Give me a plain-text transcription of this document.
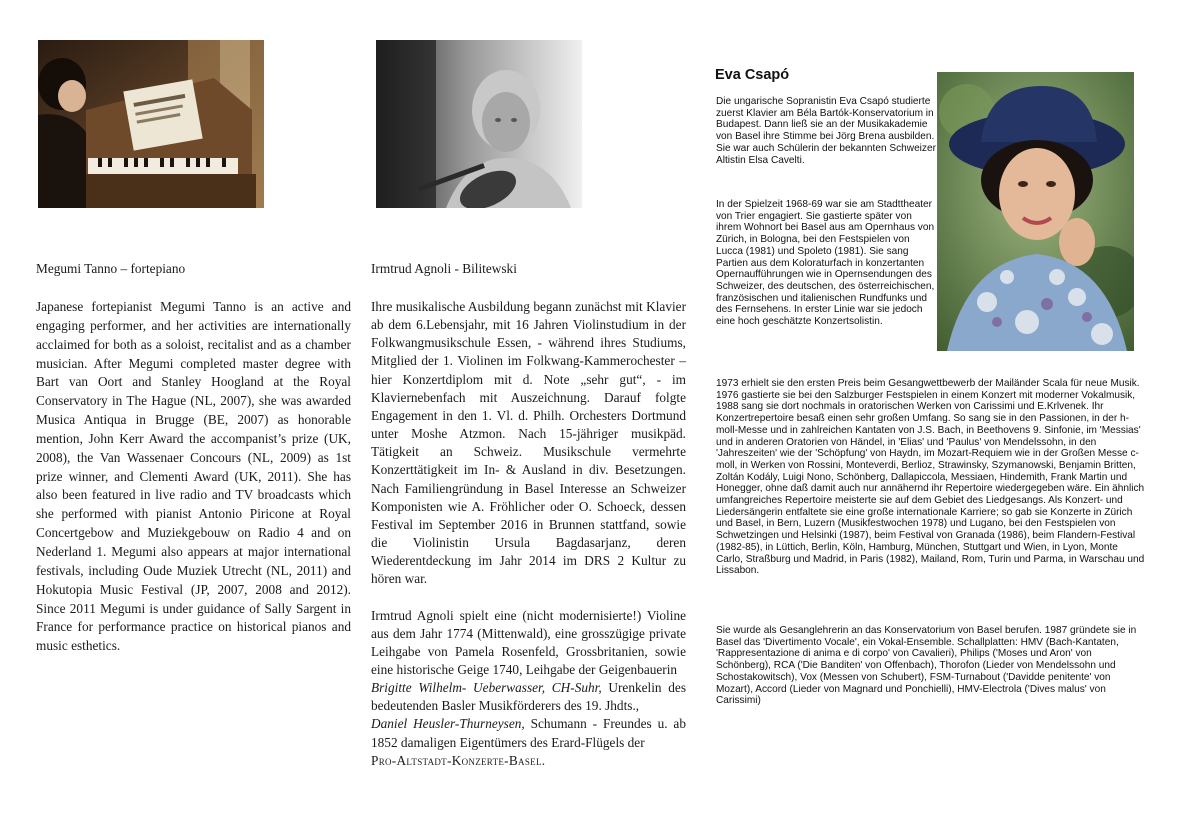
Megumi Tanno – fortepiano

Japanese fortepianist Megumi Tanno is an active and engaging performer, and her activities are internationally acclaimed for both as a soloist, recitalist and as a chamber musician. After Megumi completed master degree with Bart van Oort and Stanley Hoogland at the Royal Conservatory in The Hague (NL, 2007), she was awarded Musica Antiqua in Brugge (BE, 2007) as honorable mention, John Kerr Award the accompanist’s prize (UK, 2008), the Van Wassenaer Concours (NL, 2009) as 1st prize winner, and Clementi Award (UK, 2011). She has also been featured in live radio and TV broadcasts which she performed with pianist Antonio Piricone at Royal Concertgebow and Muziekgebouw on Radio 4 and on Nederland 1. Megumi also appears at major international festivals, including Oude Muziek Utrecht (NL, 2011) and Hokutopia Music Festival (JP, 2007, 2008 and 2012). Since 2011 Megumi is under guidance of Sally Sargent in France for performance practice on historical pianos and music esthetics.

Irmtrud Agnoli - Bilitewski

Ihre musikalische Ausbildung begann zunächst mit Klavier ab dem 6.Lebensjahr, mit 16 Jahren Violinstudium in der Folkwangmusikschule Essen, - während ihres Studiums, Mitglied der 1. Violinen im Folkwang-Kammerochester – hier Konzertdiplom mit d. Note „sehr gut“, - im Klaviernebenfach mit Auszeichnung. Darauf folgte Engagement in den 1. Vl. d. Philh. Orchesters Dortmund unter Moshe Atzmon. Nach 15-jähriger musikpäd. Tätigkeit an Schweiz. Musikschule vermehrte Konzerttätigkeit im In- & Ausland in div. Besetzungen. Nach Familiengründung in Basel Interesse an Schweizer Komponisten wie A. Fröhlicher oder O. Schoeck, dessen Festival im September 2016 in Brunnen stattfand, sowie die Violinistin Ursula Bagdasarjanz, deren Wiederentdeckung im Jahr 2014 im DRS 2 Kultur zu hören war.

Irmtrud Agnoli spielt eine (nicht modernisierte!) Violine aus dem Jahr 1774 (Mittenwald), eine grosszügige private Leihgabe von Pamela Rosenfeld, Grossbritanien, sowie eine historische Geige 1740, Leihgabe der Geigenbauerin
Brigitte Wilhelm- Ueberwasser, CH-Suhr, Urenkelin des bedeutenden Basler Musikförderers des 19. Jhdts.,
Daniel Heusler-Thurneysen, Schumann - Freundes u. ab 1852 damaligen Eigentümers des Erard-Flügels der
Pro-Altstadt-Konzerte-Basel.

Eva Csapó

Die ungarische Sopranistin Eva Csapó studierte zuerst Klavier am Béla Bartók-Konservatorium in Budapest. Dann ließ sie an der Musikakademie von Basel ihre Stimme bei Jörg Brena ausbilden. Sie war auch Schülerin der bekannten Schweizer Altistin Elsa Cavelti.

In der Spielzeit 1968-69 war sie am Stadttheater von Trier engagiert. Sie gastierte später von ihrem Wohnort bei Basel aus am Opernhaus von Zürich, in Bologna, bei den Festspielen von Lucca (1981) und Spoleto (1981). Sie sang Partien aus dem Koloraturfach in konzertanten Opernaufführungen wie in Opernsendungen des Schweizer, des deutschen, des österreichischen, französischen und italienischen Rundfunks und des Fernsehens. In erster Linie war sie jedoch eine hoch geschätzte Konzertsolistin.

1973 erhielt sie den ersten Preis beim Gesangwettbewerb der Mailänder Scala für neue Musik. 1976 gastierte sie bei den Salzburger Festspielen in einem Konzert mit moderner Vokalmusik, 1988 sang sie dort nochmals in oratorischen Werken von Carissimi und E.Krlvenek. Ihr Konzertrepertoire besaß einen sehr großen Umfang. So sang sie in den Passionen, in der h-moll-Messe und in zahlreichen Kantaten von J.S. Bach, in Beethovens 9. Sinfonie, im 'Messias' und in anderen Oratorien von Händel, in 'Elias' und 'Paulus' von Mendelssohn, in den 'Jahreszeiten' wie der 'Schöpfung' von Haydn, im Mozart-Requiem wie in der Großen Messe c-moll, in Werken von Rossini, Monteverdi, Berlioz, Strawinsky, Szymanowski, Benjamin Britten, Zoltán Kodály, Luigi Nono, Schönberg, Dallapiccola, Messiaen, Hindemith, Frank Martin und Honegger, ohne daß damit auch nur annähernd ihr Repertoire wiedergegeben wäre. Ein ähnlich umfangreiches Repertoire meisterte sie auf dem Gebiet des Liedgesangs. Als Konzert- und Liedersängerin entfaltete sie eine große internationale Karriere; so gab sie Konzerte in Zürich und Basel, in Bern, Luzern (Musikfestwochen 1978) und Lugano, bei den Festspielen von Schwetzingen und Helsinki (1987), beim Festival von Granada (1986), beim Flandern-Festival (1982-85), in Lüttich, Berlin, Köln, Hamburg, München, Stuttgart und Wien, in Lyon, Monte Carlo, Straßburg und Madrid, in Paris (1982), Mailand, Rom, Turin und Parma, in Warschau und Lissabon.

Sie wurde als Gesanglehrerin an das Konservatorium von Basel berufen. 1987 gründete sie in Basel das 'Divertimento Vocale', ein Vokal-Ensemble. Schallplatten: HMV (Bach-Kantaten, 'Rappresentazione di anima e di corpo' von Cavalieri), Philips ('Moses und Aron' von Schönberg), RCA ('Die Banditen' von Offenbach), Thorofon (Lieder von Mendelssohn und Schostakowitsch), Vox (Messen von Schubert), FSM-Turnabout ('Davidde penitente' von Mozart), Accord (Lieder von Magnard und Ponchielli), HMV-Electrola ('Dives malus' von Carissimi)
